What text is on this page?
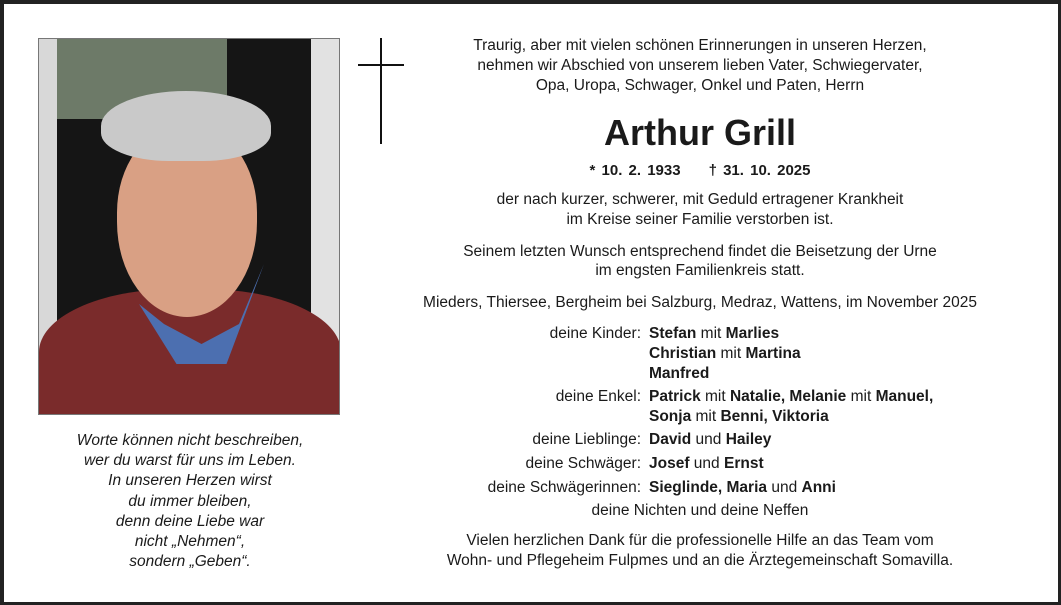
Traurig, aber mit vielen schönen Erinnerungen in unseren Herzen,
nehmen wir Abschied von unserem lieben Vater, Schwiegervater,
Opa, Uropa, Schwager, Onkel und Paten, Herrn
Arthur Grill
* 10. 2. 1933 † 31. 10. 2025
der nach kurzer, schwerer, mit Geduld ertragener Krankheit
im Kreise seiner Familie verstorben ist.
Seinem letzten Wunsch entsprechend findet die Beisetzung der Urne
im engsten Familienkreis statt.
Mieders, Thiersee, Bergheim bei Salzburg, Medraz, Wattens, im November 2025
deine Kinder: Stefan mit Marlies
Christian mit Martina
Manfred
deine Enkel: Patrick mit Natalie, Melanie mit Manuel,
Sonja mit Benni, Viktoria
deine Lieblinge: David und Hailey
deine Schwäger: Josef und Ernst
deine Schwägerinnen: Sieglinde, Maria und Anni
deine Nichten und deine Neffen
Vielen herzlichen Dank für die professionelle Hilfe an das Team vom
Wohn- und Pflegeheim Fulpmes und an die Ärztegemeinschaft Somavilla.
Worte können nicht beschreiben,
wer du warst für uns im Leben.
In unseren Herzen wirst
du immer bleiben,
denn deine Liebe war
nicht „Nehmen“,
sondern „Geben“.
